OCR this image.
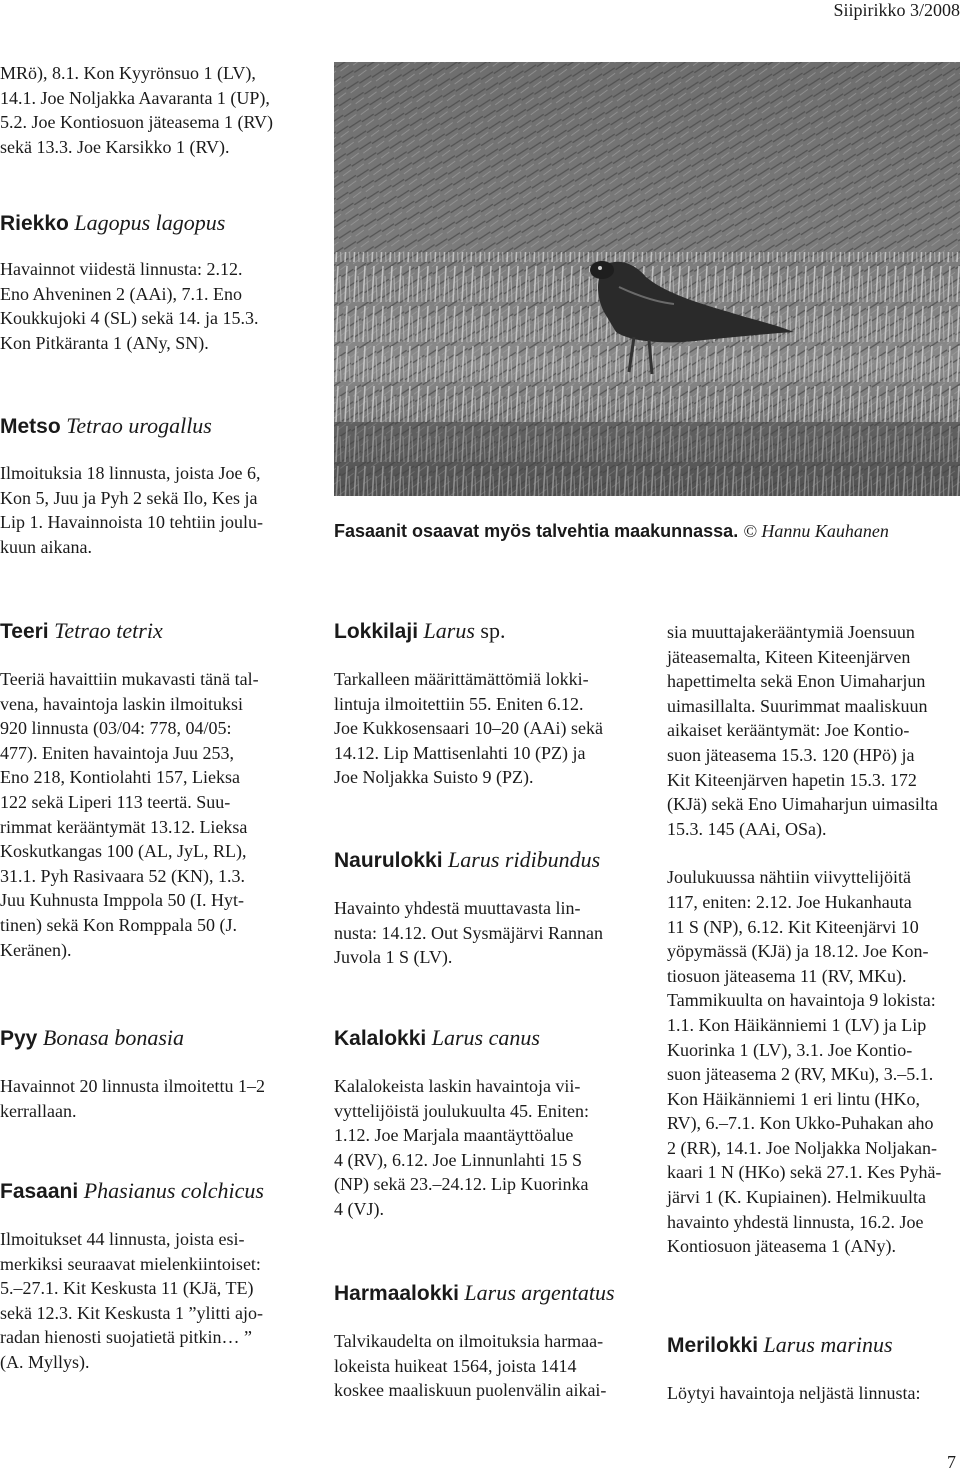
Siipirikko 3/2008

MRö), 8.1. Kon Kyyrönsuo 1 (LV),
14.1. Joe Noljakka Aavaranta 1 (UP),
5.2. Joe Kontiosuon jäteasema 1 (RV)
sekä 13.3. Joe Karsikko 1 (RV).

Riekko Lagopus lagopus

Havainnot viidestä linnusta: 2.12.
Eno Ahveninen 2 (AAi), 7.1. Eno
Koukkujoki 4 (SL) sekä 14. ja 15.3.
Kon Pitkäranta 1 (ANy, SN).

Metso Tetrao urogallus

Ilmoituksia 18 linnusta, joista Joe 6,
Kon 5, Juu ja Pyh 2 sekä Ilo, Kes ja
Lip 1. Havainnoista 10 tehtiin joulu-
kuun aikana.

Fasaanit osaavat myös talvehtia maakunnassa. © Hannu Kauhanen
Teeri Tetrao tetrix

Teeriä havaittiin mukavasti tänä tal-
vena, havaintoja laskin ilmoituksi
920 linnusta (03/04: 778, 04/05:
477). Eniten havaintoja Juu 253,
Eno 218, Kontiolahti 157, Lieksa
122 sekä Liperi 113 teertä. Suu-
rimmat kerääntymät 13.12. Lieksa
Koskutkangas 100 (AL, JyL, RL),
31.1. Pyh Rasivaara 52 (KN), 1.3.
Juu Kuhnusta Imppola 50 (I. Hyt-
tinen) sekä Kon Romppala 50 (J.
Keränen).

Pyy Bonasa bonasia

Havainnot 20 linnusta ilmoitettu 1–2
kerrallaan.

Fasaani Phasianus colchicus

Ilmoitukset 44 linnusta, joista esi-
merkiksi seuraavat mielenkiintoiset:
5.–27.1. Kit Keskusta 11 (KJä, TE)
sekä 12.3. Kit Keskusta 1 ”ylitti ajo-
radan hienosti suojatietä pitkin… ”
(A. Myllys).

Lokkilaji Larus sp.

Tarkalleen määrittämättömiä lokki-
lintuja ilmoitettiin 55. Eniten 6.12.
Joe Kukkosensaari 10–20 (AAi) sekä
14.12. Lip Mattisenlahti 10 (PZ) ja
Joe Noljakka Suisto 9 (PZ).

Naurulokki Larus ridibundus

Havainto yhdestä muuttavasta lin-
nusta: 14.12. Out Sysmäjärvi Rannan
Juvola 1 S (LV).

Kalalokki Larus canus

Kalalokeista laskin havaintoja vii-
vyttelijöistä joulukuulta 45. Eniten:
1.12. Joe Marjala maantäyttöalue
4 (RV), 6.12. Joe Linnunlahti 15 S
(NP) sekä 23.–24.12. Lip Kuorinka
4 (VJ).

Harmaalokki Larus argentatus

Talvikaudelta on ilmoituksia harmaa-
lokeista huikeat 1564, joista 1414
koskee maaliskuun puolenvälin aikai-

sia muuttajakerääntymiä Joensuun
jäteasemalta, Kiteen Kiteenjärven
hapettimelta sekä Enon Uimaharjun
uimasillalta. Suurimmat maaliskuun
aikaiset kerääntymät: Joe Kontio-
suon jäteasema 15.3. 120 (HPö) ja
Kit Kiteenjärven hapetin 15.3. 172
(KJä) sekä Eno Uimaharjun uimasilta
15.3. 145 (AAi, OSa).

Joulukuussa nähtiin viivyttelijöitä
117, eniten: 2.12. Joe Hukanhauta
11 S (NP), 6.12. Kit Kiteenjärvi 10
yöpymässä (KJä) ja 18.12. Joe Kon-
tiosuon jäteasema 11 (RV, MKu).
Tammikuulta on havaintoja 9 lokista:
1.1. Kon Häikänniemi 1 (LV) ja Lip
Kuorinka 1 (LV), 3.1. Joe Kontio-
suon jäteasema 2 (RV, MKu), 3.–5.1.
Kon Häikänniemi 1 eri lintu (HKo,
RV), 6.–7.1. Kon Ukko-Puhakan aho
2 (RR), 14.1. Joe Noljakka Noljakan-
kaari 1 N (HKo) sekä 27.1. Kes Pyhä-
järvi 1 (K. Kupiainen). Helmikuulta
havainto yhdestä linnusta, 16.2. Joe
Kontiosuon jäteasema 1 (ANy).

Merilokki Larus marinus

Löytyi havaintoja neljästä linnusta:

7
